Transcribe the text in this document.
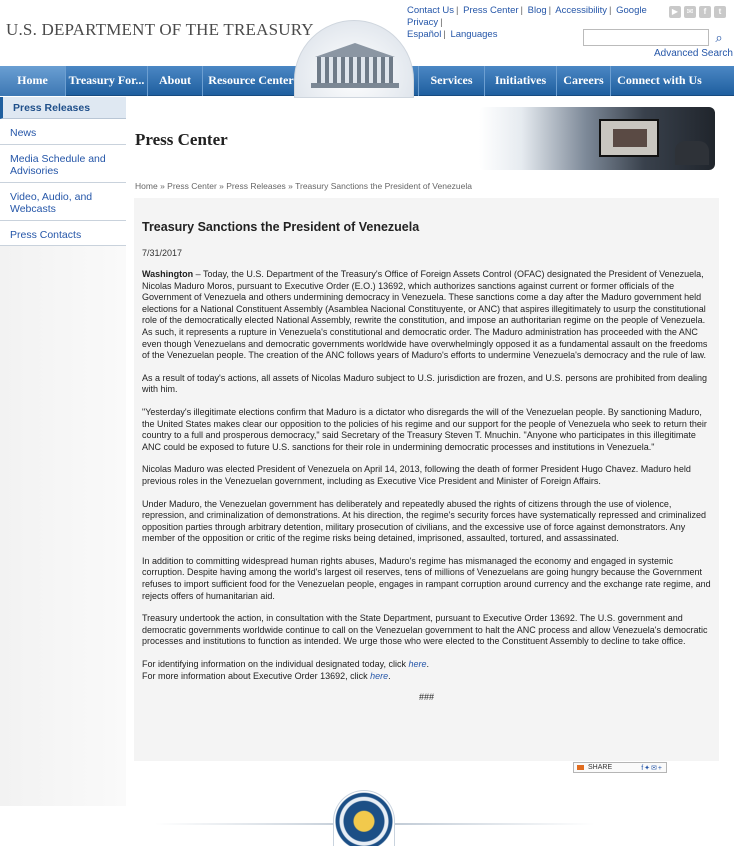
U.S. DEPARTMENT OF THE TREASURY
Contact Us | Press Center | Blog | Accessibility | Google Privacy |
Español | Languages
▶	✉	f	t
⌕
Advanced Search
Home	Treasury For...	About	Resource Center	Services	Initiatives	Careers	Connect with Us
Press Releases
News
Media Schedule and Advisories
Video, Audio, and Webcasts
Press Contacts
Press Center
Home » Press Center » Press Releases » Treasury Sanctions the President of Venezuela
Treasury Sanctions the President of Venezuela
7/31/2017

Washington – Today, the U.S. Department of the Treasury's Office of Foreign Assets Control (OFAC) designated the President of Venezuela, Nicolas Maduro Moros, pursuant to Executive Order (E.O.) 13692, which authorizes sanctions against current or former officials of the Government of Venezuela and others undermining democracy in Venezuela. These sanctions come a day after the Maduro government held elections for a National Constituent Assembly (Asamblea Nacional Constituyente, or ANC) that aspires illegitimately to usurp the constitutional role of the democratically elected National Assembly, rewrite the constitution, and impose an authoritarian regime on the people of Venezuela. As such, it represents a rupture in Venezuela's constitutional and democratic order. The Maduro administration has proceeded with the ANC even though Venezuelans and democratic governments worldwide have overwhelmingly opposed it as a fundamental assault on the freedoms of the Venezuelan people. The creation of the ANC follows years of Maduro's efforts to undermine Venezuela's democracy and the rule of law.

As a result of today's actions, all assets of Nicolas Maduro subject to U.S. jurisdiction are frozen, and U.S. persons are prohibited from dealing with him.

"Yesterday's illegitimate elections confirm that Maduro is a dictator who disregards the will of the Venezuelan people. By sanctioning Maduro, the United States makes clear our opposition to the policies of his regime and our support for the people of Venezuela who seek to return their country to a full and prosperous democracy," said Secretary of the Treasury Steven T. Mnuchin. "Anyone who participates in this illegitimate ANC could be exposed to future U.S. sanctions for their role in undermining democratic processes and institutions in Venezuela."

Nicolas Maduro was elected President of Venezuela on April 14, 2013, following the death of former President Hugo Chavez. Maduro held previous roles in the Venezuelan government, including as Executive Vice President and Minister of Foreign Affairs.

Under Maduro, the Venezuelan government has deliberately and repeatedly abused the rights of citizens through the use of violence, repression, and criminalization of demonstrations. At his direction, the regime's security forces have systematically repressed and criminalized opposition parties through arbitrary detention, military prosecution of civilians, and the excessive use of force against demonstrators. Any member of the opposition or critic of the regime risks being detained, imprisoned, assaulted, tortured, and assassinated.

In addition to committing widespread human rights abuses, Maduro's regime has mismanaged the economy and engaged in systemic corruption. Despite having among the world's largest oil reserves, tens of millions of Venezuelans are going hungry because the Government refuses to import sufficient food for the Venezuelan people, engages in rampant corruption around currency and the exchange rate regime, and rejects offers of humanitarian aid.

Treasury undertook the action, in consultation with the State Department, pursuant to Executive Order 13692. The U.S. government and democratic governments worldwide continue to call on the Venezuelan government to halt the ANC process and allow Venezuela's democratic processes and institutions to function as intended. We urge those who were elected to the Constituent Assembly to decline to take office.

For identifying information on the individual designated today, click here.

For more information about Executive Order 13692, click here.

###
SHARE	f✦✉+
